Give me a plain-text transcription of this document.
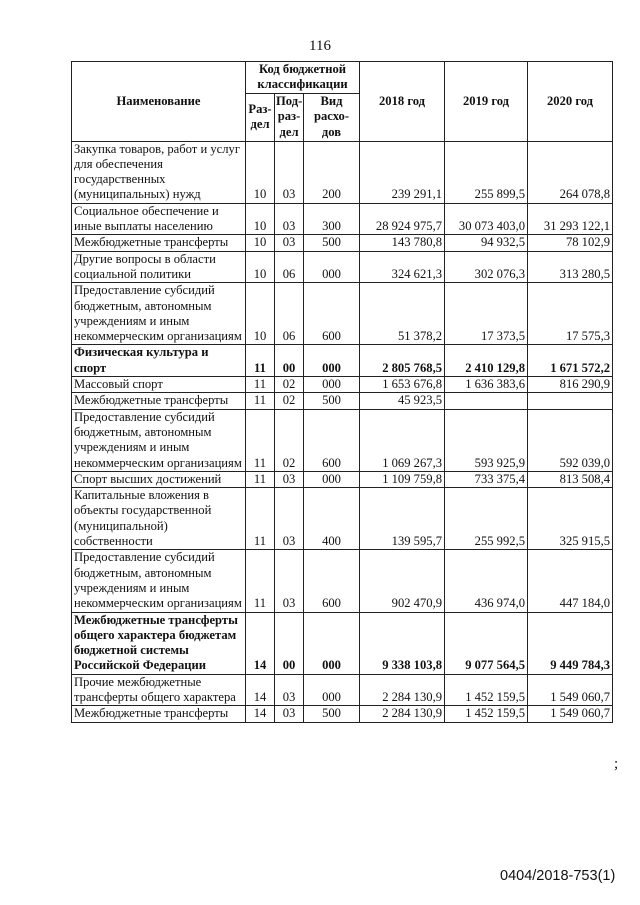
116
Наименование	Код бюджетной классификации			2018 год	2019 год	2020 год
	Раз-дел	Под-раз-дел	Вид расхо-дов			
Закупка товаров, работ и услуг для обеспечения государственных (муниципальных) нужд	10	03	200	239 291,1	255 899,5	264 078,8
Социальное обеспечение и иные выплаты населению	10	03	300	28 924 975,7	30 073 403,0	31 293 122,1
Межбюджетные трансферты	10	03	500	143 780,8	94 932,5	78 102,9
Другие вопросы в области социальной политики	10	06	000	324 621,3	302 076,3	313 280,5
Предоставление субсидий бюджетным, автономным учреждениям и иным некоммерческим организациям	10	06	600	51 378,2	17 373,5	17 575,3
Физическая культура и спорт	11	00	000	2 805 768,5	2 410 129,8	1 671 572,2
Массовый спорт	11	02	000	1 653 676,8	1 636 383,6	816 290,9
Межбюджетные трансферты	11	02	500	45 923,5		
Предоставление субсидий бюджетным, автономным учреждениям и иным некоммерческим организациям	11	02	600	1 069 267,3	593 925,9	592 039,0
Спорт высших достижений	11	03	000	1 109 759,8	733 375,4	813 508,4
Капитальные вложения в объекты государственной (муниципальной) собственности	11	03	400	139 595,7	255 992,5	325 915,5
Предоставление субсидий бюджетным, автономным учреждениям и иным некоммерческим организациям	11	03	600	902 470,9	436 974,0	447 184,0
Межбюджетные трансферты общего характера бюджетам бюджетной системы Российской Федерации	14	00	000	9 338 103,8	9 077 564,5	9 449 784,3
Прочие межбюджетные трансферты общего характера	14	03	000	2 284 130,9	1 452 159,5	1 549 060,7
Межбюджетные трансферты	14	03	500	2 284 130,9	1 452 159,5	1 549 060,7
;
0404/2018-753(1)
